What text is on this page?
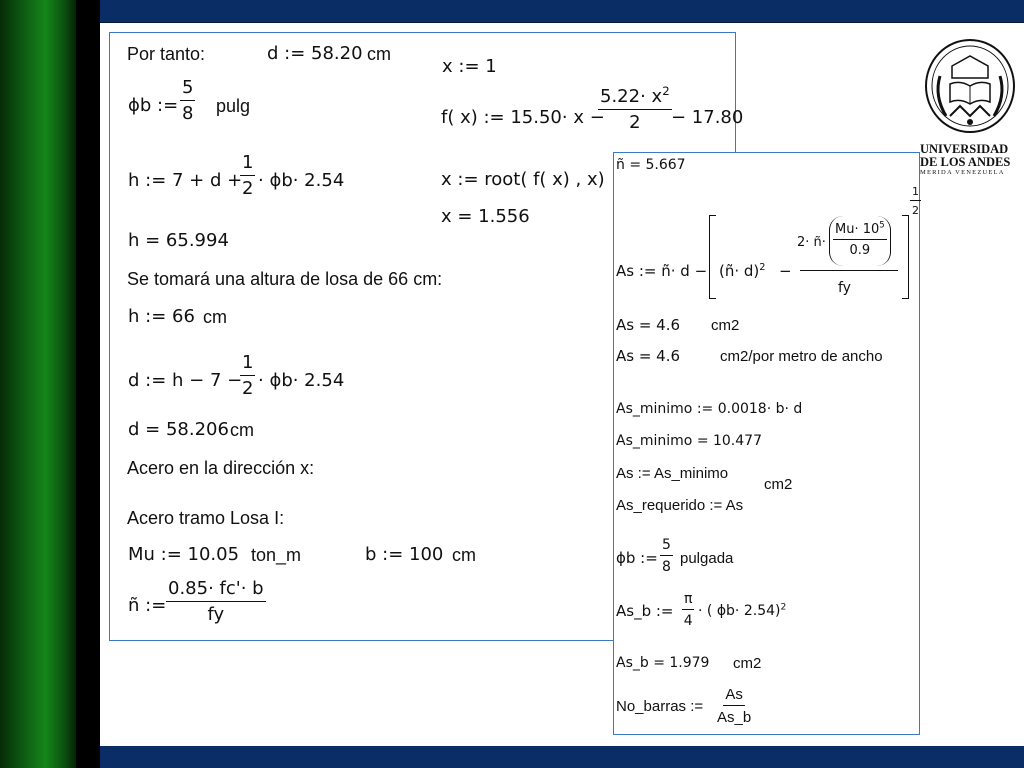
Por tanto:	d := 58.20 cm
ϕb := $\frac{5}{8}$ pulg
h := 7 + d +
$\frac{1}{2} \cdot \phi b\cdot 2.54$
h = 65.994
Se tomará una altura de losa de 66 cm:
h := 66 cm
d := h − 7 −
$\frac{1}{2} \cdot \phi b\cdot 2.54$
d = 58.206 cm
Acero en la dirección x:
Acero tramo Losa I:
Mu := 10.05 ton_m	b := 100 cm
ñ := $\frac{0.85\cdot fc'\cdot b}{fy}$
x := 1
f( x) := 15.50· x −
$\frac{5.22\cdot x^2}{2} - 17.80$
x := root( f( x) , x)
x = 1.556
ñ = 5.667
As := ñ· d − (ñ· d)$^2$ −
2· ñ· $\frac{Mu\cdot 10^5}{0.9}$
fy
$\frac{1}{2}$
As = 4.6 cm2
As = 4.6	cm2/por metro de ancho
As_minimo := 0.0018· b· d
As_minimo = 10.477
As := As_minimo
cm2
As_requerido := As
ϕb := $\frac{5}{8}$ pulgada
As_b := $\frac{\pi}{4}$ · ( ϕb· 2.54)$^2$
As_b = 1.979 cm2
No_barras := $\frac{As}{As\_b}$
UNIVERSIDAD
DE LOS ANDES
MERIDA VENEZUELA
